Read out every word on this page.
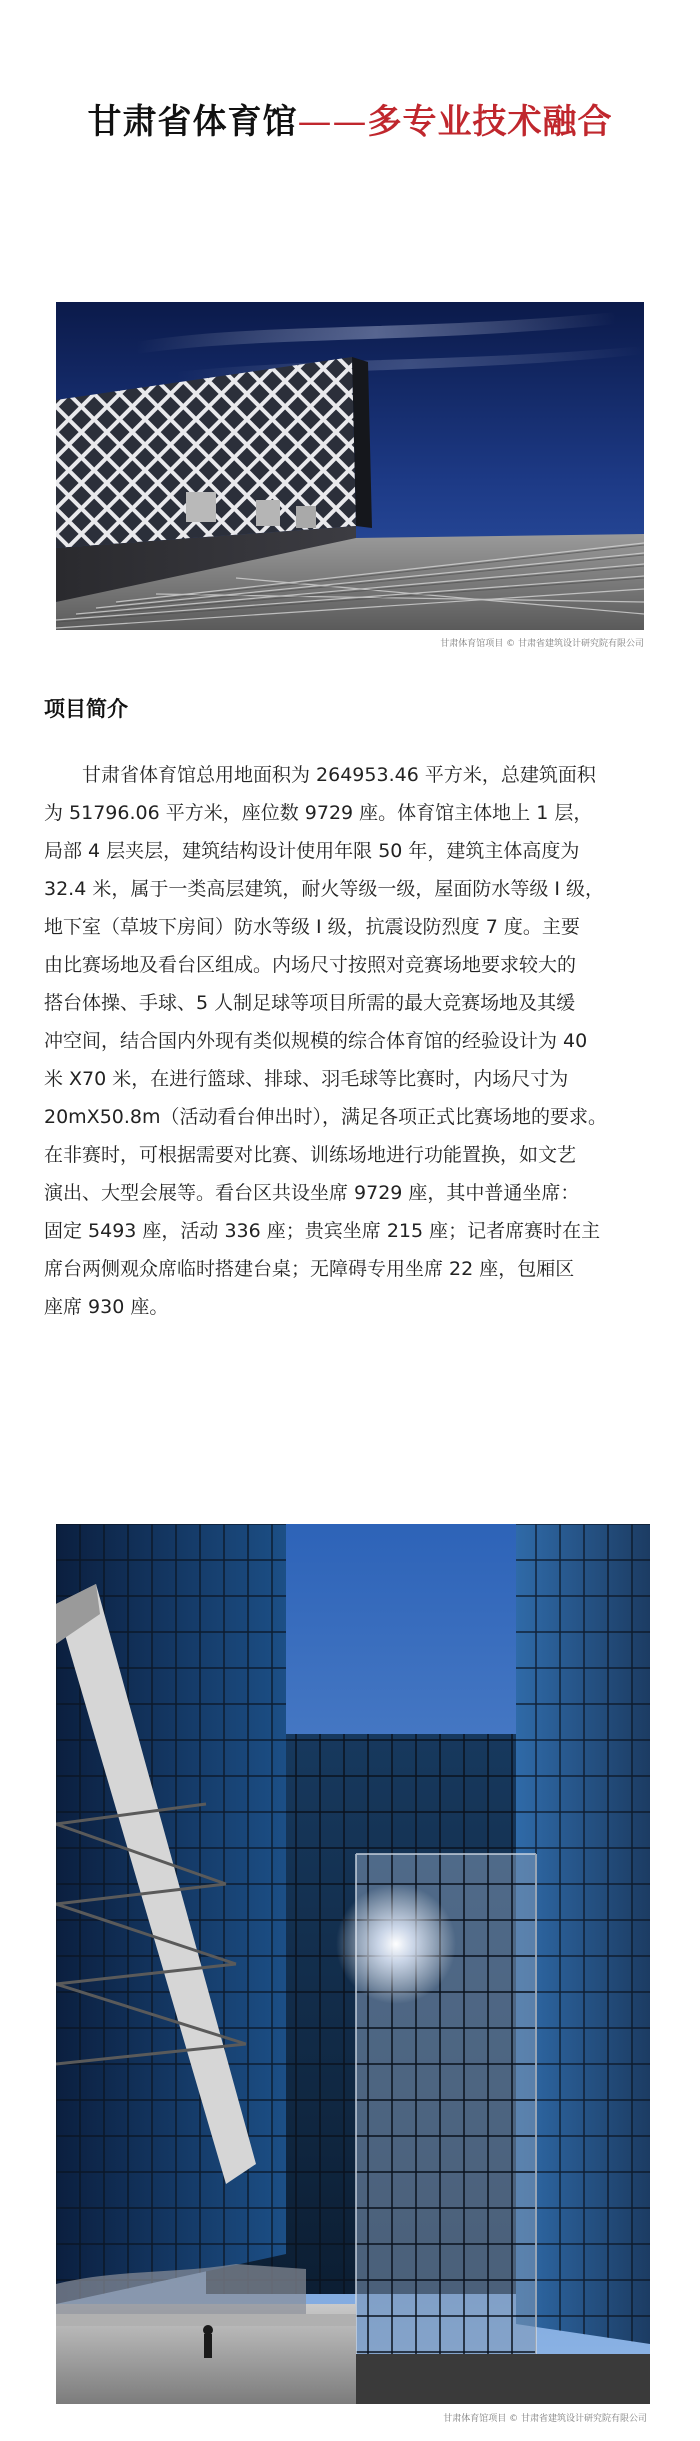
甘肃省体育馆——多专业技术融合
甘肃体育馆项目 © 甘肃省建筑设计研究院有限公司
项目简介
甘肃省体育馆总用地面积为 264953.46 平方米，总建筑面积
为 51796.06 平方米，座位数 9729 座。体育馆主体地上 1 层，
局部 4 层夹层，建筑结构设计使用年限 50 年，建筑主体高度为
32.4 米，属于一类高层建筑，耐火等级一级，屋面防水等级 I 级，
地下室（草坡下房间）防水等级 I 级，抗震设防烈度 7 度。主要
由比赛场地及看台区组成。内场尺寸按照对竞赛场地要求较大的
搭台体操、手球、5 人制足球等项目所需的最大竞赛场地及其缓
冲空间，结合国内外现有类似规模的综合体育馆的经验设计为 40
米 X70 米，在进行篮球、排球、羽毛球等比赛时，内场尺寸为
20mX50.8m（活动看台伸出时），满足各项正式比赛场地的要求。
在非赛时，可根据需要对比赛、训练场地进行功能置换，如文艺
演出、大型会展等。看台区共设坐席 9729 座，其中普通坐席：
固定 5493 座，活动 336 座；贵宾坐席 215 座；记者席赛时在主
席台两侧观众席临时搭建台桌；无障碍专用坐席 22 座，包厢区
座席 930 座。
甘肃体育馆项目 © 甘肃省建筑设计研究院有限公司
